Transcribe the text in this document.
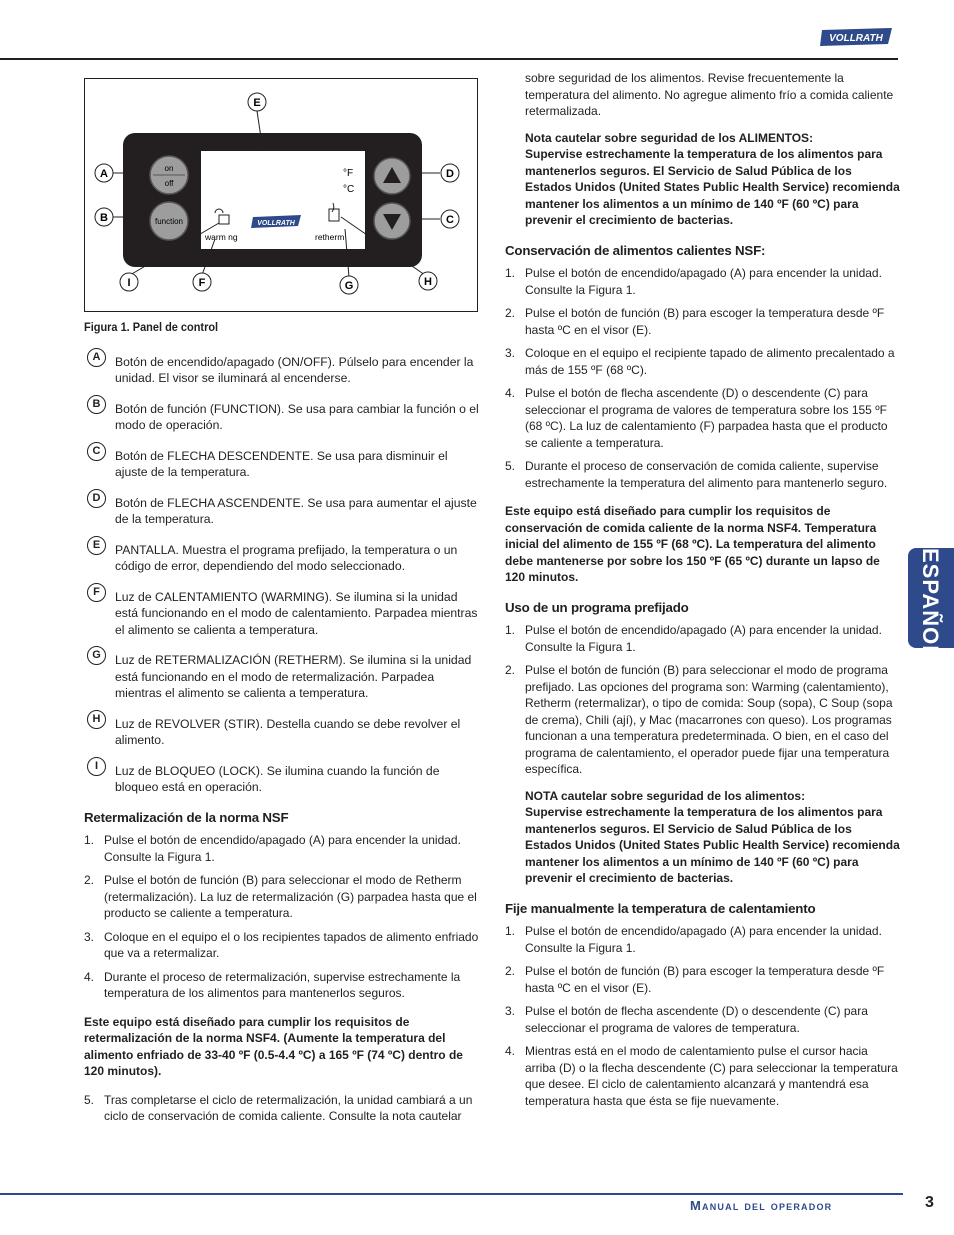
VOLLRATH
on
off
function
°F
°C
VOLLRATH
warm ng	retherm
E
A
B
D
C
I	F	G	H
Figura 1. Panel de control
A	Botón de encendido/apagado (ON/OFF). Púlselo para encender la unidad. El visor se iluminará al encenderse.
B	Botón de función (FUNCTION). Se usa para cambiar la función o el modo de operación.
C	Botón de FLECHA DESCENDENTE. Se usa para disminuir el ajuste de la temperatura.
D	Botón de FLECHA ASCENDENTE. Se usa para aumentar el ajuste de la temperatura.
E	PANTALLA. Muestra el programa prefijado, la temperatura o un código de error, dependiendo del modo seleccionado.
F	Luz de CALENTAMIENTO (WARMING). Se ilumina si la unidad está funcionando en el modo de calentamiento. Parpadea mientras el alimento se calienta a temperatura.
G	Luz de RETERMALIZACIÓN (RETHERM). Se ilumina si la unidad está funcionando en el modo de retermalización. Parpadea mientras el alimento se calienta a temperatura.
H	Luz de REVOLVER (STIR). Destella cuando se debe revolver el alimento.
I	Luz de BLOQUEO (LOCK). Se ilumina cuando la función de bloqueo está en operación.
Retermalización de la norma NSF
1. Pulse el botón de encendido/apagado (A) para encender la unidad. Consulte la Figura 1.
2. Pulse el botón de función (B) para seleccionar el modo de Retherm (retermalización). La luz de retermalización (G) parpadea hasta que el producto se caliente a temperatura.
3. Coloque en el equipo el o los recipientes tapados de alimento enfriado que va a retermalizar.
4. Durante el proceso de retermalización, supervise estrechamente la temperatura de los alimentos para mantenerlos seguros.
Este equipo está diseñado para cumplir los requisitos de retermalización de la norma NSF4. (Aumente la temperatura del alimento enfriado de 33-40 ºF (0.5-4.4 ºC) a 165 ºF (74 ºC) dentro de 120 minutos).
5. Tras completarse el ciclo de retermalización, la unidad cambiará a un ciclo de conservación de comida caliente. Consulte la nota cautelar
sobre seguridad de los alimentos. Revise frecuentemente la temperatura del alimento. No agregue alimento frío a comida caliente retermalizada.
Nota cautelar sobre seguridad de los ALIMENTOS:
Supervise estrechamente la temperatura de los alimentos para mantenerlos seguros. El Servicio de Salud Pública de los Estados Unidos (United States Public Health Service) recomienda mantener los alimentos a un mínimo de 140 ºF (60 ºC) para prevenir el crecimiento de bacterias.
Conservación de alimentos calientes NSF:
1. Pulse el botón de encendido/apagado (A) para encender la unidad. Consulte la Figura 1.
2. Pulse el botón de función (B) para escoger la temperatura desde ºF hasta ºC en el visor (E).
3. Coloque en el equipo el recipiente tapado de alimento precalentado a más de 155 ºF (68 ºC).
4. Pulse el botón de flecha ascendente (D) o descendente (C) para seleccionar el programa de valores de temperatura sobre los 155 ºF (68 ºC). La luz de calentamiento (F) parpadea hasta que el producto se caliente a temperatura.
5. Durante el proceso de conservación de comida caliente, supervise estrechamente la temperatura del alimento para mantenerlo seguro.
Este equipo está diseñado para cumplir los requisitos de conservación de comida caliente de la norma NSF4. Temperatura inicial del alimento de 155 ºF (68 ºC). La temperatura del alimento debe mantenerse por sobre los 150 ºF (65 ºC) durante un lapso de 120 minutos.
Uso de un programa prefijado
1. Pulse el botón de encendido/apagado (A) para encender la unidad. Consulte la Figura 1.
2. Pulse el botón de función (B) para seleccionar el modo de programa prefijado. Las opciones del programa son: Warming (calentamiento), Retherm (retermalizar), o tipo de comida: Soup (sopa), C Soup (sopa de crema), Chili (ají), y Mac (macarrones con queso). Los programas funcionan a una temperatura predeterminada. O bien, en el caso del programa de calentamiento, el operador puede fijar una temperatura específica.
NOTA cautelar sobre seguridad de los alimentos:
Supervise estrechamente la temperatura de los alimentos para mantenerlos seguros. El Servicio de Salud Pública de los Estados Unidos (United States Public Health Service) recomienda mantener los alimentos a un mínimo de 140 ºF (60 ºC) para prevenir el crecimiento de bacterias.
Fije manualmente la temperatura de calentamiento
1. Pulse el botón de encendido/apagado (A) para encender la unidad. Consulte la Figura 1.
2. Pulse el botón de función (B) para escoger la temperatura desde ºF hasta ºC en el visor (E).
3. Pulse el botón de flecha ascendente (D) o descendente (C) para seleccionar el programa de valores de temperatura.
4. Mientras está en el modo de calentamiento pulse el cursor hacia arriba (D) o la flecha descendente (C) para seleccionar la temperatura que desee. El ciclo de calentamiento alcanzará y mantendrá esa temperatura hasta que ésta se fije nuevamente.
ESPAÑOL
Manual del operador	3
